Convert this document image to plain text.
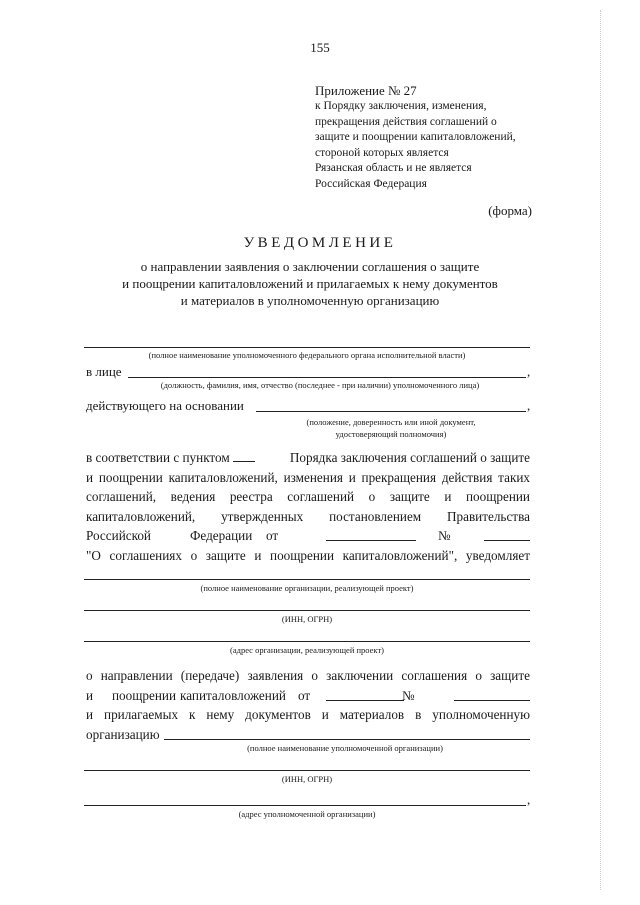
155
Приложение № 27
к Порядку заключения, изменения,
прекращения действия соглашений о
защите и поощрении капиталовложений,
стороной которых является
Рязанская область и не является
Российская Федерация
(форма)
УВЕДОМЛЕНИЕ
о направлении заявления о заключении соглашения о защите
и поощрении капиталовложений и прилагаемых к нему документов
и материалов в уполномоченную организацию
(полное наименование уполномоченного федерального органа исполнительной власти)
в лице	,
(должность, фамилия, имя, отчество (последнее - при наличии) уполномоченного лица)
действующего на основании	,
(положение, доверенность или иной документ,
удостоверяющий полномочия)
в соответствии с пунктом	Порядка заключения соглашений о защите
и поощрении капиталовложений, изменения и прекращения действия таких
соглашений, ведения реестра соглашений о защите и поощрении
капиталовложений, утвержденных постановлением Правительства
Российской	Федерации от	№
"О соглашениях о защите и поощрении капиталовложений", уведомляет
(полное наименование организации, реализующей проект)
(ИНН, ОГРН)
(адрес организации, реализующей проект)
о направлении (передаче) заявления о заключении соглашения о защите
и поощрении капиталовложений от	№
и прилагаемых к нему документов и материалов в уполномоченную
организацию
(полное наименование уполномоченной организации)
(ИНН, ОГРН)
,
(адрес уполномоченной организации)
